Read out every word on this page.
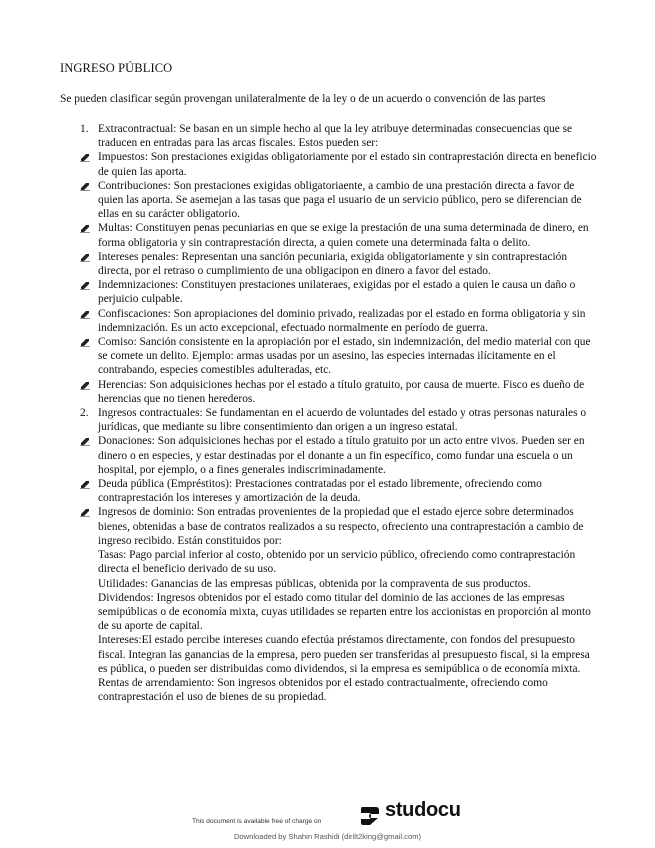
INGRESO PÚBLICO
Se pueden clasificar según provengan unilateralmente de la ley o de un acuerdo o convención de las partes
1. Extracontractual: Se basan en un simple hecho al que la ley atribuye determinadas consecuencias que se traducen en entradas para las arcas fiscales. Estos pueden ser:
Impuestos: Son prestaciones exigidas obligatoriamente por el estado sin contraprestación directa en beneficio de quien las aporta.
Contribuciones: Son prestaciones exigidas obligatoriaente, a cambio de una prestación directa a favor de quien las aporta. Se asemejan a las tasas que paga el usuario de un servicio público, pero se diferencian de ellas en su carácter obligatorio.
Multas: Constituyen penas pecuniarias en que se exige la prestación de una suma determinada de dinero, en forma obligatoria y sin contraprestación directa, a quien comete una determinada falta o delito.
Intereses penales: Representan una sanción pecuniaria, exigida obligatoriamente y sin contraprestación directa, por el retraso o cumplimiento de una obligacipon en dinero a favor del estado.
Indemnizaciones: Constituyen prestaciones unilateraes, exigidas por el estado a quien le causa un daño o perjuicio culpable.
Confiscaciones: Son apropiaciones del dominio privado, realizadas por el estado en forma obligatoria y sin indemnización. Es un acto excepcional, efectuado normalmente en período de guerra.
Comiso: Sanción consistente en la apropiación por el estado, sin indemnización, del medio material con que se comete un delito. Ejemplo: armas usadas por un asesino, las especies internadas ilícitamente en el contrabando, especies comestibles adulteradas, etc.
Herencias: Son adquisiciones hechas por el estado a título gratuito, por causa de muerte. Fisco es dueño de herencias que no tienen herederos.
2. Ingresos contractuales: Se fundamentan en el acuerdo de voluntades del estado y otras personas naturales o jurídicas, que mediante su libre consentimiento dan origen a un ingreso estatal.
Donaciones: Son adquisiciones hechas por el estado a título gratuito por un acto entre vivos. Pueden ser en dinero o en especies, y estar destinadas por el donante a un fin específico, como fundar una escuela o un hospital, por ejemplo, o a fines generales indiscriminadamente.
Deuda pública (Empréstitos): Prestaciones contratadas por el estado libremente, ofreciendo como contraprestación los intereses y amortización de la deuda.
Ingresos de dominio: Son entradas provenientes de la propiedad que el estado ejerce sobre determinados bienes, obtenidas a base de contratos realizados a su respecto, ofreciento una contraprestación a cambio de ingreso recibido. Están constituidos por:
Tasas: Pago parcial inferior al costo, obtenido por un servicio público, ofreciendo como contraprestación directa el beneficio derivado de su uso.
Utilidades: Ganancias de las empresas públicas, obtenida por la compraventa de sus productos.
Dividendos: Ingresos obtenidos por el estado como titular del dominio de las acciones de las empresas semipúblicas o de economía mixta, cuyas utilidades se reparten entre los accionistas en proporción al monto de su aporte de capital.
Intereses:El estado percibe intereses cuando efectúa préstamos directamente, con fondos del presupuesto fiscal. Integran las ganancias de la empresa, pero pueden ser transferidas al presupuesto fiscal, si la empresa es pública, o pueden ser distribuidas como dividendos, si la empresa es semipública o de economía mixta.
Rentas de arrendamiento: Son ingresos obtenidos por el estado contractualmente, ofreciendo como contraprestación el uso de bienes de su propiedad.
This document is available free of charge on
studocu
Downloaded by Shahin Rashidi (dirilt2king@gmail.com)
